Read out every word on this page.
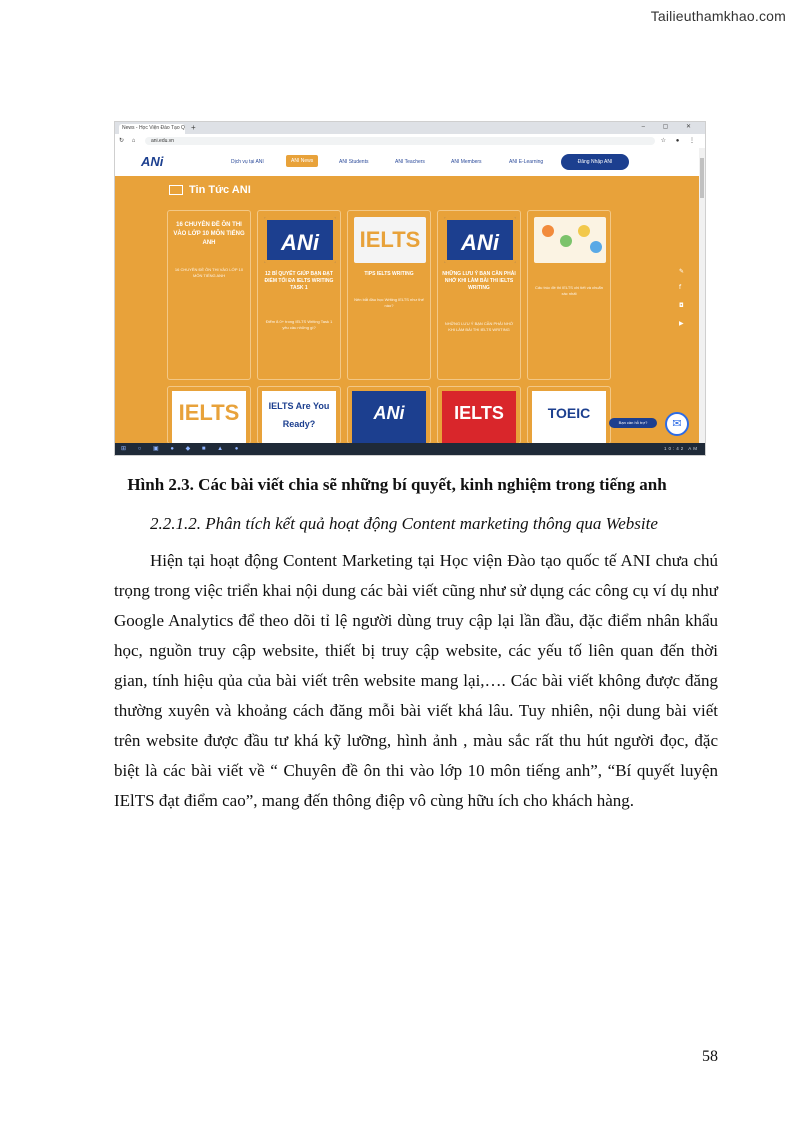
Tailieuthamkhao.com
News - Học Viện Đào Tạo Q +	– ▢ ✕
↻ ⌂	ani.edu.vn	☆ ● ⋮
ANi	Dịch vụ tại ANI	ANI News	ANI Students	ANI Teachers	ANI Members	ANI E-Learning	Đăng Nhập ANI
Tin Tức ANI
16 CHUYÊN ĐỀ ÔN THI VÀO LỚP 10 MÔN TIẾNG ANH
16 CHUYÊN ĐỀ ÔN THI VÀO LỚP 10 MÔN TIẾNG ANH
ANi
12 BÍ QUYẾT GIÚP BẠN ĐẠT ĐIỂM TỐI ĐA IELTS WRITING TASK 1
Điểm 8.0+ trong IELTS Writing Task 1 yêu cầu những gì?
IELTS
TIPS IELTS WRITING
Nên bắt đầu học Writing IELTS như thế nào?
ANi
NHỮNG LƯU Ý BẠN CẦN PHẢI NHỚ KHI LÀM BÀI THI IELTS WRITING
NHỮNG LƯU Ý BẠN CẦN PHẢI NHỚ KHI LÀM BÀI THI IELTS WRITING
Cấu trúc đề thi IELTS chi tiết và chuẩn xác nhất
✎
f
◘
▶
IELTS	IELTS Are You Ready?
ANi	IELTS	TOEIC
Bạn cần hỗ trợ?	✉
⊞ ○ ▣ ● ◆ ■ ▲ ●	10:42 AM
Hình 2.3. Các bài viết chia sẽ những bí quyết, kinh nghiệm trong tiếng anh
2.2.1.2. Phân tích kết quả hoạt động Content marketing thông qua Website
Hiện tại hoạt động Content Marketing tại Học viện Đào tạo quốc tế ANI chưa chú trọng trong việc triển khai nội dung các bài viết cũng như sử dụng các công cụ ví dụ như Google Analytics để theo dõi tỉ lệ người dùng truy cập lại lần đầu, đặc điểm nhân khẩu học, nguồn truy cập website, thiết bị truy cập website, các yếu tố liên quan đến thời gian, tính hiệu qủa của bài viết trên website mang lại,…. Các bài viết không được đăng thường xuyên và khoảng cách đăng mỗi bài viết khá lâu. Tuy nhiên, nội dung bài viết trên website được đầu tư khá kỹ lưỡng, hình ảnh , màu sắc rất thu hút người đọc, đặc biệt là các bài viết về “ Chuyên đề ôn thi vào lớp 10 môn tiếng anh”, “Bí quyết luyện IElTS đạt điểm cao”, mang đến thông điệp vô cùng hữu ích cho khách hàng.
58
